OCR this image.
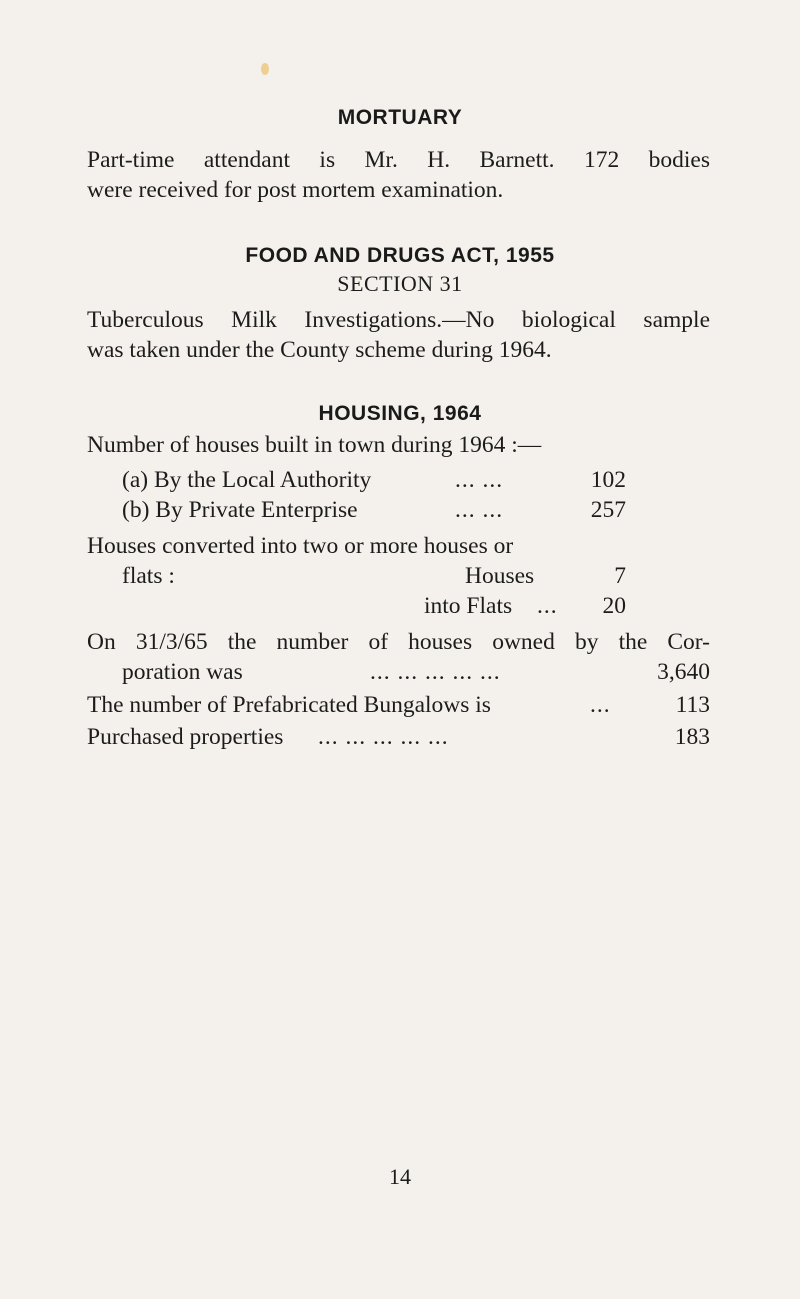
MORTUARY
Part-time attendant is Mr. H. Barnett. 172 bodies
were received for post mortem examination.
FOOD AND DRUGS ACT, 1955
SECTION 31
Tuberculous Milk Investigations.—No biological sample
was taken under the County scheme during 1964.
HOUSING, 1964
Number of houses built in town during 1964 :—
(a) By the Local Authority	... ...	102
(b) By Private Enterprise	... ...	257
Houses converted into two or more houses or
flats :	Houses	7
into Flats ...	20
On 31/3/65 the number of houses owned by the Cor-
poration was	... ... ... ... ...	3,640
The number of Prefabricated Bungalows is	...	113
Purchased properties ... ... ... ... ...	183
14
